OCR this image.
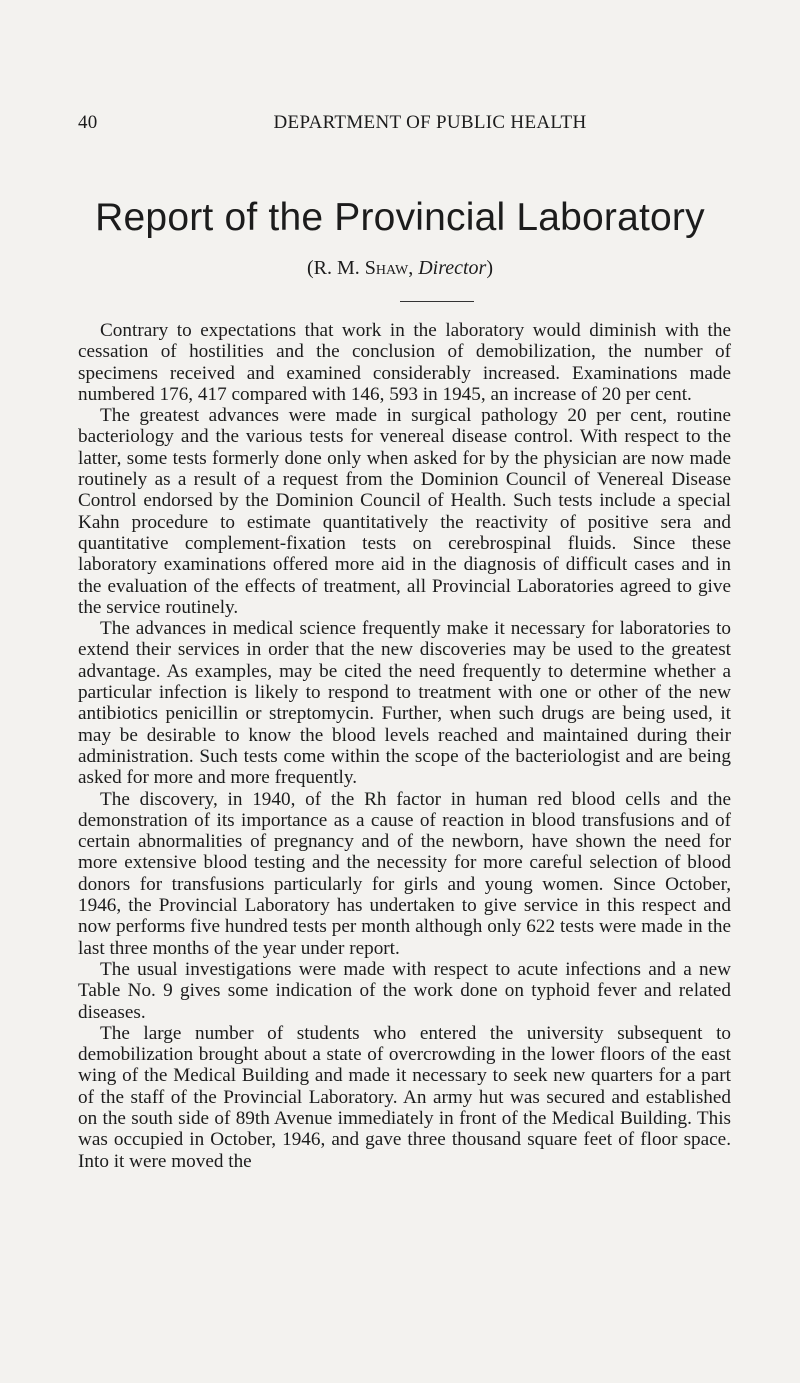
40	DEPARTMENT OF PUBLIC HEALTH
Report of the Provincial Laboratory
(R. M. Shaw, Director)

Contrary to expectations that work in the laboratory would diminish with the cessation of hostilities and the conclusion of demobilization, the number of specimens received and examined considerably increased. Examinations made numbered 176, 417 compared with 146, 593 in 1945, an increase of 20 per cent.

The greatest advances were made in surgical pathology 20 per cent, routine bacteriology and the various tests for venereal disease control. With respect to the latter, some tests formerly done only when asked for by the physician are now made routinely as a result of a request from the Dominion Council of Venereal Disease Control endorsed by the Dominion Council of Health. Such tests include a special Kahn procedure to estimate quantitatively the reactivity of positive sera and quantitative complement-fixation tests on cerebrospinal fluids. Since these laboratory examinations offered more aid in the diagnosis of difficult cases and in the evaluation of the effects of treatment, all Provincial Laboratories agreed to give the service routinely.

The advances in medical science frequently make it necessary for laboratories to extend their services in order that the new discoveries may be used to the greatest advantage. As examples, may be cited the need frequently to determine whether a particular infection is likely to respond to treatment with one or other of the new antibiotics penicillin or streptomycin. Further, when such drugs are being used, it may be desirable to know the blood levels reached and maintained during their administration. Such tests come within the scope of the bacteriologist and are being asked for more and more frequently.

The discovery, in 1940, of the Rh factor in human red blood cells and the demonstration of its importance as a cause of reaction in blood transfusions and of certain abnormalities of pregnancy and of the newborn, have shown the need for more extensive blood testing and the necessity for more careful selection of blood donors for transfusions particularly for girls and young women. Since October, 1946, the Provincial Laboratory has undertaken to give service in this respect and now performs five hundred tests per month although only 622 tests were made in the last three months of the year under report.

The usual investigations were made with respect to acute infections and a new Table No. 9 gives some indication of the work done on typhoid fever and related diseases.

The large number of students who entered the university subsequent to demobilization brought about a state of overcrowding in the lower floors of the east wing of the Medical Building and made it necessary to seek new quarters for a part of the staff of the Provincial Laboratory. An army hut was secured and established on the south side of 89th Avenue immediately in front of the Medical Building. This was occupied in October, 1946, and gave three thousand square feet of floor space. Into it were moved the
